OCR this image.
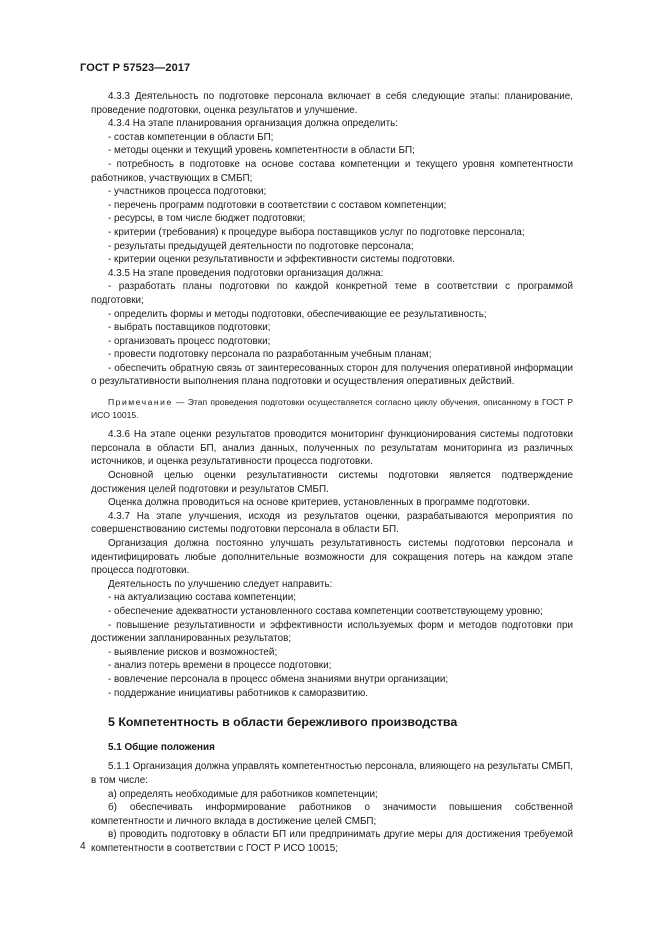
ГОСТ Р 57523—2017

4.3.3 Деятельность по подготовке персонала включает в себя следующие этапы: планирование, проведение подготовки, оценка результатов и улучшение.

4.3.4 На этапе планирования организация должна определить:

- состав компетенции в области БП;

- методы оценки и текущий уровень компетентности в области БП;

- потребность в подготовке на основе состава компетенции и текущего уровня компетентности работников, участвующих в СМБП;

- участников процесса подготовки;

- перечень программ подготовки в соответствии с составом компетенции;

- ресурсы, в том числе бюджет подготовки;

- критерии (требования) к процедуре выбора поставщиков услуг по подготовке персонала;

- результаты предыдущей деятельности по подготовке персонала;

- критерии оценки результативности и эффективности системы подготовки.

4.3.5 На этапе проведения подготовки организация должна:

- разработать планы подготовки по каждой конкретной теме в соответствии с программой подготовки;

- определить формы и методы подготовки, обеспечивающие ее результативность;

- выбрать поставщиков подготовки;

- организовать процесс подготовки;

- провести подготовку персонала по разработанным учебным планам;

- обеспечить обратную связь от заинтересованных сторон для получения оперативной информации о результативности выполнения плана подготовки и осуществления оперативных действий.

Примечание — Этап проведения подготовки осуществляется согласно циклу обучения, описанному в ГОСТ Р ИСО 10015.

4.3.6 На этапе оценки результатов проводится мониторинг функционирования системы подготовки персонала в области БП, анализ данных, полученных по результатам мониторинга из различных источников, и оценка результативности процесса подготовки.

Основной целью оценки результативности системы подготовки является подтверждение достижения целей подготовки и результатов СМБП.

Оценка должна проводиться на основе критериев, установленных в программе подготовки.

4.3.7 На этапе улучшения, исходя из результатов оценки, разрабатываются мероприятия по совершенствованию системы подготовки персонала в области БП.

Организация должна постоянно улучшать результативность системы подготовки персонала и идентифицировать любые дополнительные возможности для сокращения потерь на каждом этапе процесса подготовки.

Деятельность по улучшению следует направить:

- на актуализацию состава компетенции;

- обеспечение адекватности установленного состава компетенции соответствующему уровню;

- повышение результативности и эффективности используемых форм и методов подготовки при достижении запланированных результатов;

- выявление рисков и возможностей;

- анализ потерь времени в процессе подготовки;

- вовлечение персонала в процесс обмена знаниями внутри организации;

- поддержание инициативы работников к саморазвитию.

5 Компетентность в области бережливого производства

5.1 Общие положения

5.1.1 Организация должна управлять компетентностью персонала, влияющего на результаты СМБП, в том числе:

а) определять необходимые для работников компетенции;

б) обеспечивать информирование работников о значимости повышения собственной компетентности и личного вклада в достижение целей СМБП;

в) проводить подготовку в области БП или предпринимать другие меры для достижения требуемой компетентности в соответствии с ГОСТ Р ИСО 10015;

4
